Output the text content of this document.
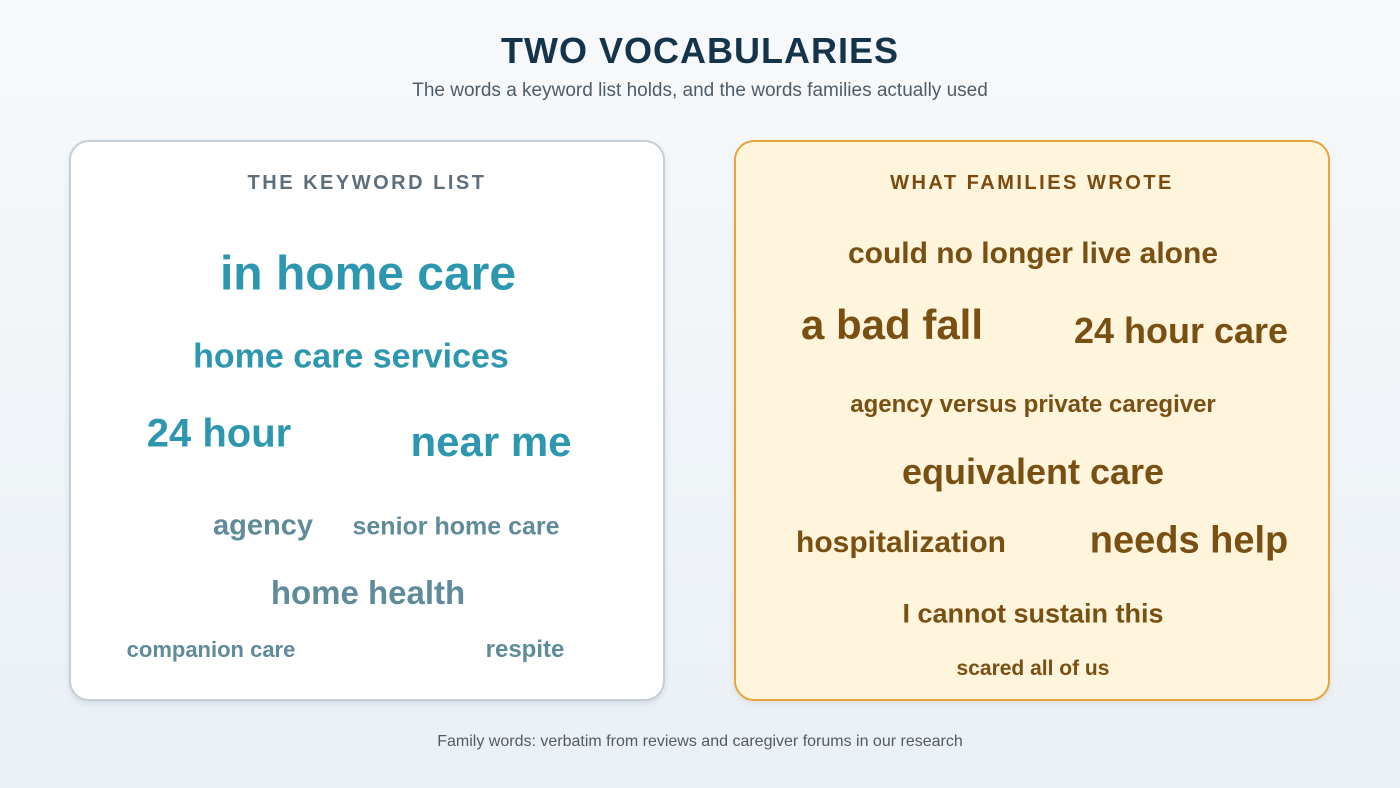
TWO VOCABULARIES
The words a keyword list holds, and the words families actually used
THE KEYWORD LIST
in home care
home care services
24 hour	near me
agency senior home care
home health
companion care	respite
WHAT FAMILIES WROTE
could no longer live alone
a bad fall	24 hour care
agency versus private caregiver
equivalent care
hospitalization needs help
I cannot sustain this
scared all of us
Family words: verbatim from reviews and caregiver forums in our research
